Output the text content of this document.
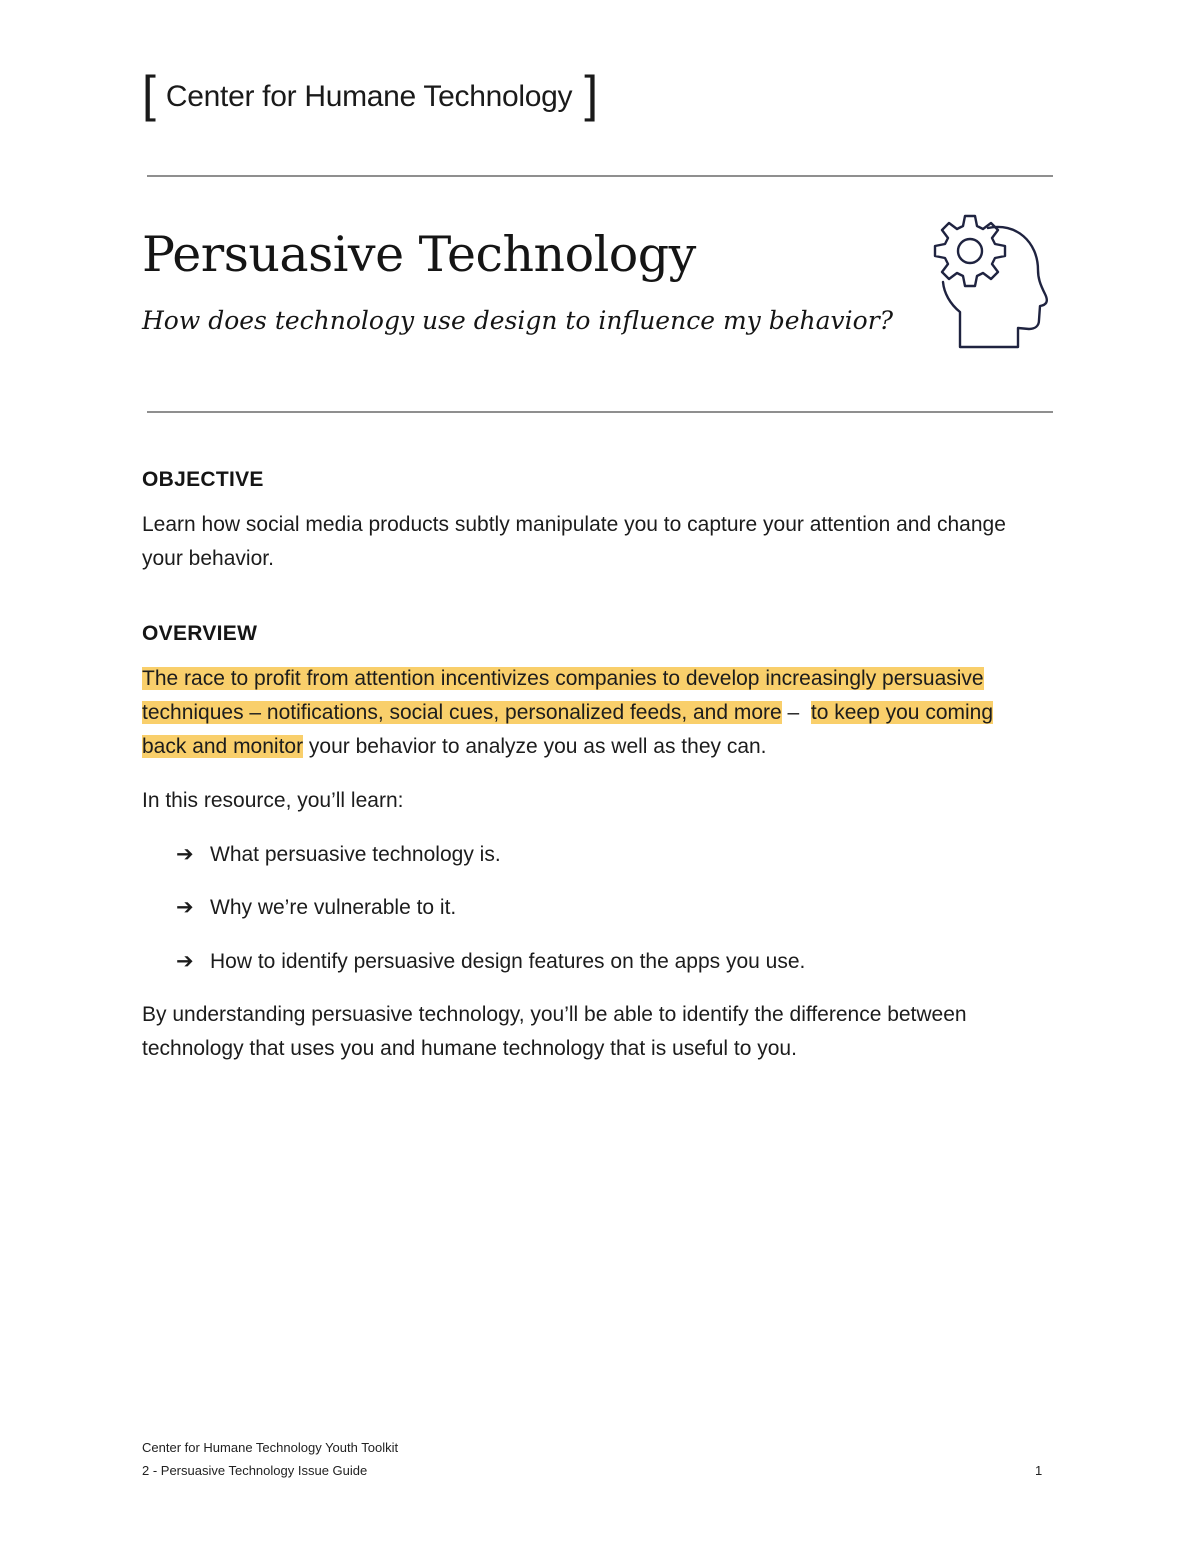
[ Center for Humane Technology ]
Persuasive Technology
How does technology use design to influence my behavior?
OBJECTIVE
Learn how social media products subtly manipulate you to capture your attention and change
your behavior.
OVERVIEW
The race to profit from attention incentivizes companies to develop increasingly persuasive
techniques – notifications, social cues, personalized feeds, and more –  to keep you coming
back and monitor your behavior to analyze you as well as they can.
In this resource, you’ll learn:
➔ What persuasive technology is.
➔ Why we’re vulnerable to it.
➔ How to identify persuasive design features on the apps you use.
By understanding persuasive technology, you’ll be able to identify the difference between
technology that uses you and humane technology that is useful to you.
Center for Humane Technology Youth Toolkit
2 - Persuasive Technology Issue Guide	1
